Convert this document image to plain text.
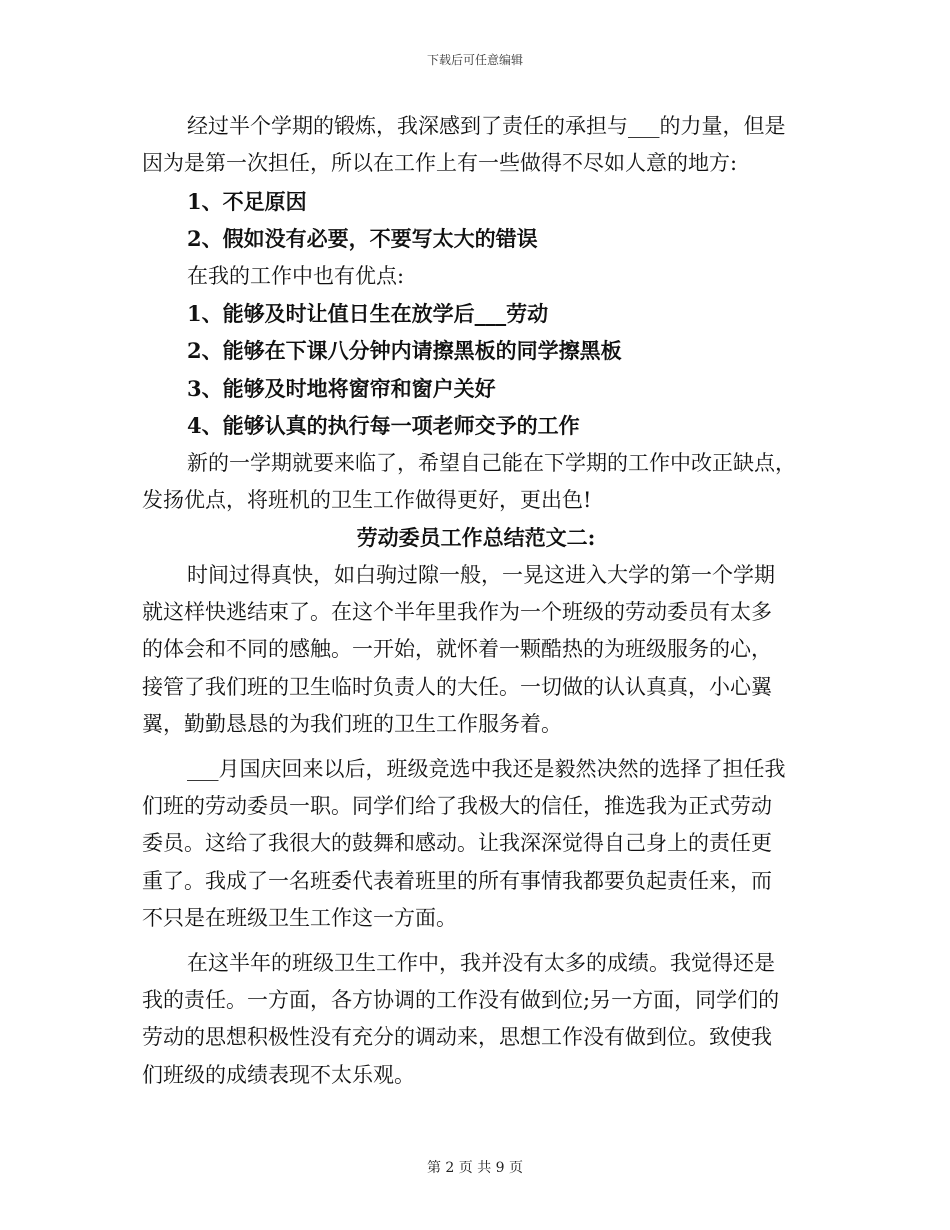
下载后可任意编辑
经过半个学期的锻炼，我深感到了责任的承担与___的力量，但是
因为是第一次担任，所以在工作上有一些做得不尽如人意的地方:
1、不足原因
2、假如没有必要，不要写太大的错误
在我的工作中也有优点:
1、能够及时让值日生在放学后___劳动
2、能够在下课八分钟内请擦黑板的同学擦黑板
3、能够及时地将窗帘和窗户关好
4、能够认真的执行每一项老师交予的工作
新的一学期就要来临了，希望自己能在下学期的工作中改正缺点，
发扬优点，将班机的卫生工作做得更好，更出色!
劳动委员工作总结范文二:
时间过得真快，如白驹过隙一般，一晃这进入大学的第一个学期
就这样快逃结束了。在这个半年里我作为一个班级的劳动委员有太多
的体会和不同的感触。一开始，就怀着一颗酷热的为班级服务的心，
接管了我们班的卫生临时负责人的大任。一切做的认认真真，小心翼
翼，勤勤恳恳的为我们班的卫生工作服务着。
___月国庆回来以后，班级竞选中我还是毅然决然的选择了担任我
们班的劳动委员一职。同学们给了我极大的信任，推选我为正式劳动
委员。这给了我很大的鼓舞和感动。让我深深觉得自己身上的责任更
重了。我成了一名班委代表着班里的所有事情我都要负起责任来，而
不只是在班级卫生工作这一方面。
在这半年的班级卫生工作中，我并没有太多的成绩。我觉得还是
我的责任。一方面，各方协调的工作没有做到位;另一方面，同学们的
劳动的思想积极性没有充分的调动来，思想工作没有做到位。致使我
们班级的成绩表现不太乐观。
第 2 页 共 9 页
